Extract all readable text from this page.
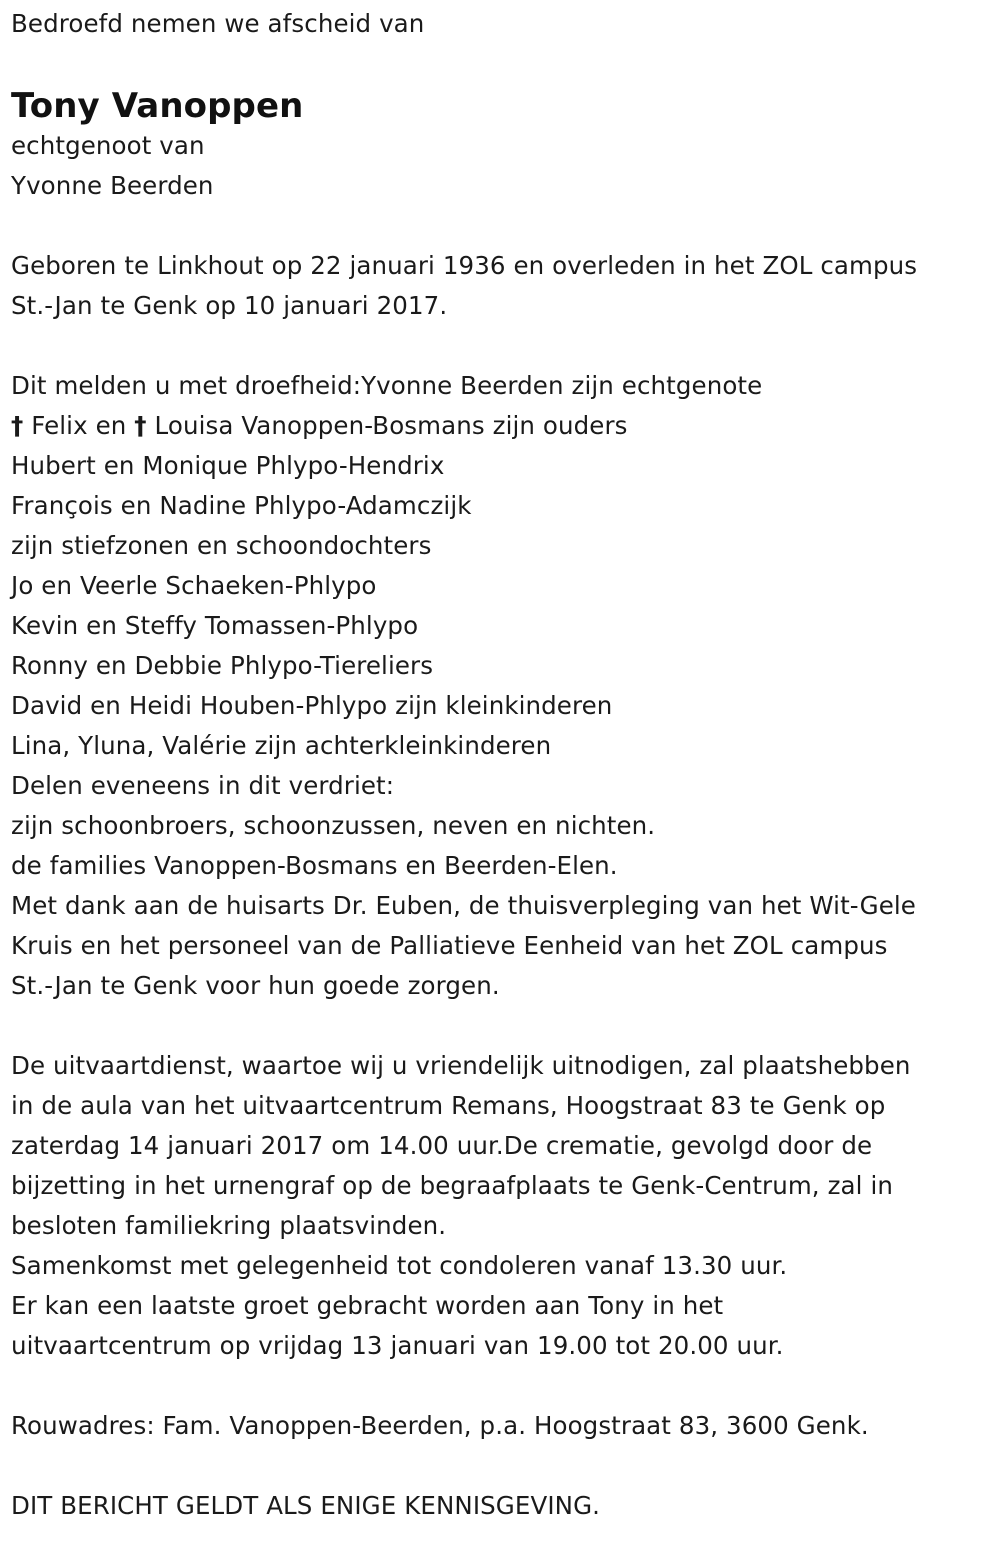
Bedroefd nemen we afscheid van
Tony Vanoppen
echtgenoot van
Yvonne Beerden
Geboren te Linkhout op 22 januari 1936 en overleden in het ZOL campus
St.-Jan te Genk op 10 januari 2017.
Dit melden u met droefheid:Yvonne Beerden zijn echtgenote
† Felix en † Louisa Vanoppen-Bosmans zijn ouders
Hubert en Monique Phlypo-Hendrix
François en Nadine Phlypo-Adamczijk
zijn stiefzonen en schoondochters
Jo en Veerle Schaeken-Phlypo
Kevin en Steffy Tomassen-Phlypo
Ronny en Debbie Phlypo-Tiereliers
David en Heidi Houben-Phlypo zijn kleinkinderen
Lina, Yluna, Valérie zijn achterkleinkinderen
Delen eveneens in dit verdriet:
zijn schoonbroers, schoonzussen, neven en nichten.
de families Vanoppen-Bosmans en Beerden-Elen.
Met dank aan de huisarts Dr. Euben, de thuisverpleging van het Wit-Gele
Kruis en het personeel van de Palliatieve Eenheid van het ZOL campus
St.-Jan te Genk voor hun goede zorgen.
De uitvaartdienst, waartoe wij u vriendelijk uitnodigen, zal plaatshebben
in de aula van het uitvaartcentrum Remans, Hoogstraat 83 te Genk op
zaterdag 14 januari 2017 om 14.00 uur.De crematie, gevolgd door de
bijzetting in het urnengraf op de begraafplaats te Genk-Centrum, zal in
besloten familiekring plaatsvinden.
Samenkomst met gelegenheid tot condoleren vanaf 13.30 uur.
Er kan een laatste groet gebracht worden aan Tony in het
uitvaartcentrum op vrijdag 13 januari van 19.00 tot 20.00 uur.
Rouwadres: Fam. Vanoppen-Beerden, p.a. Hoogstraat 83, 3600 Genk.
DIT BERICHT GELDT ALS ENIGE KENNISGEVING.
